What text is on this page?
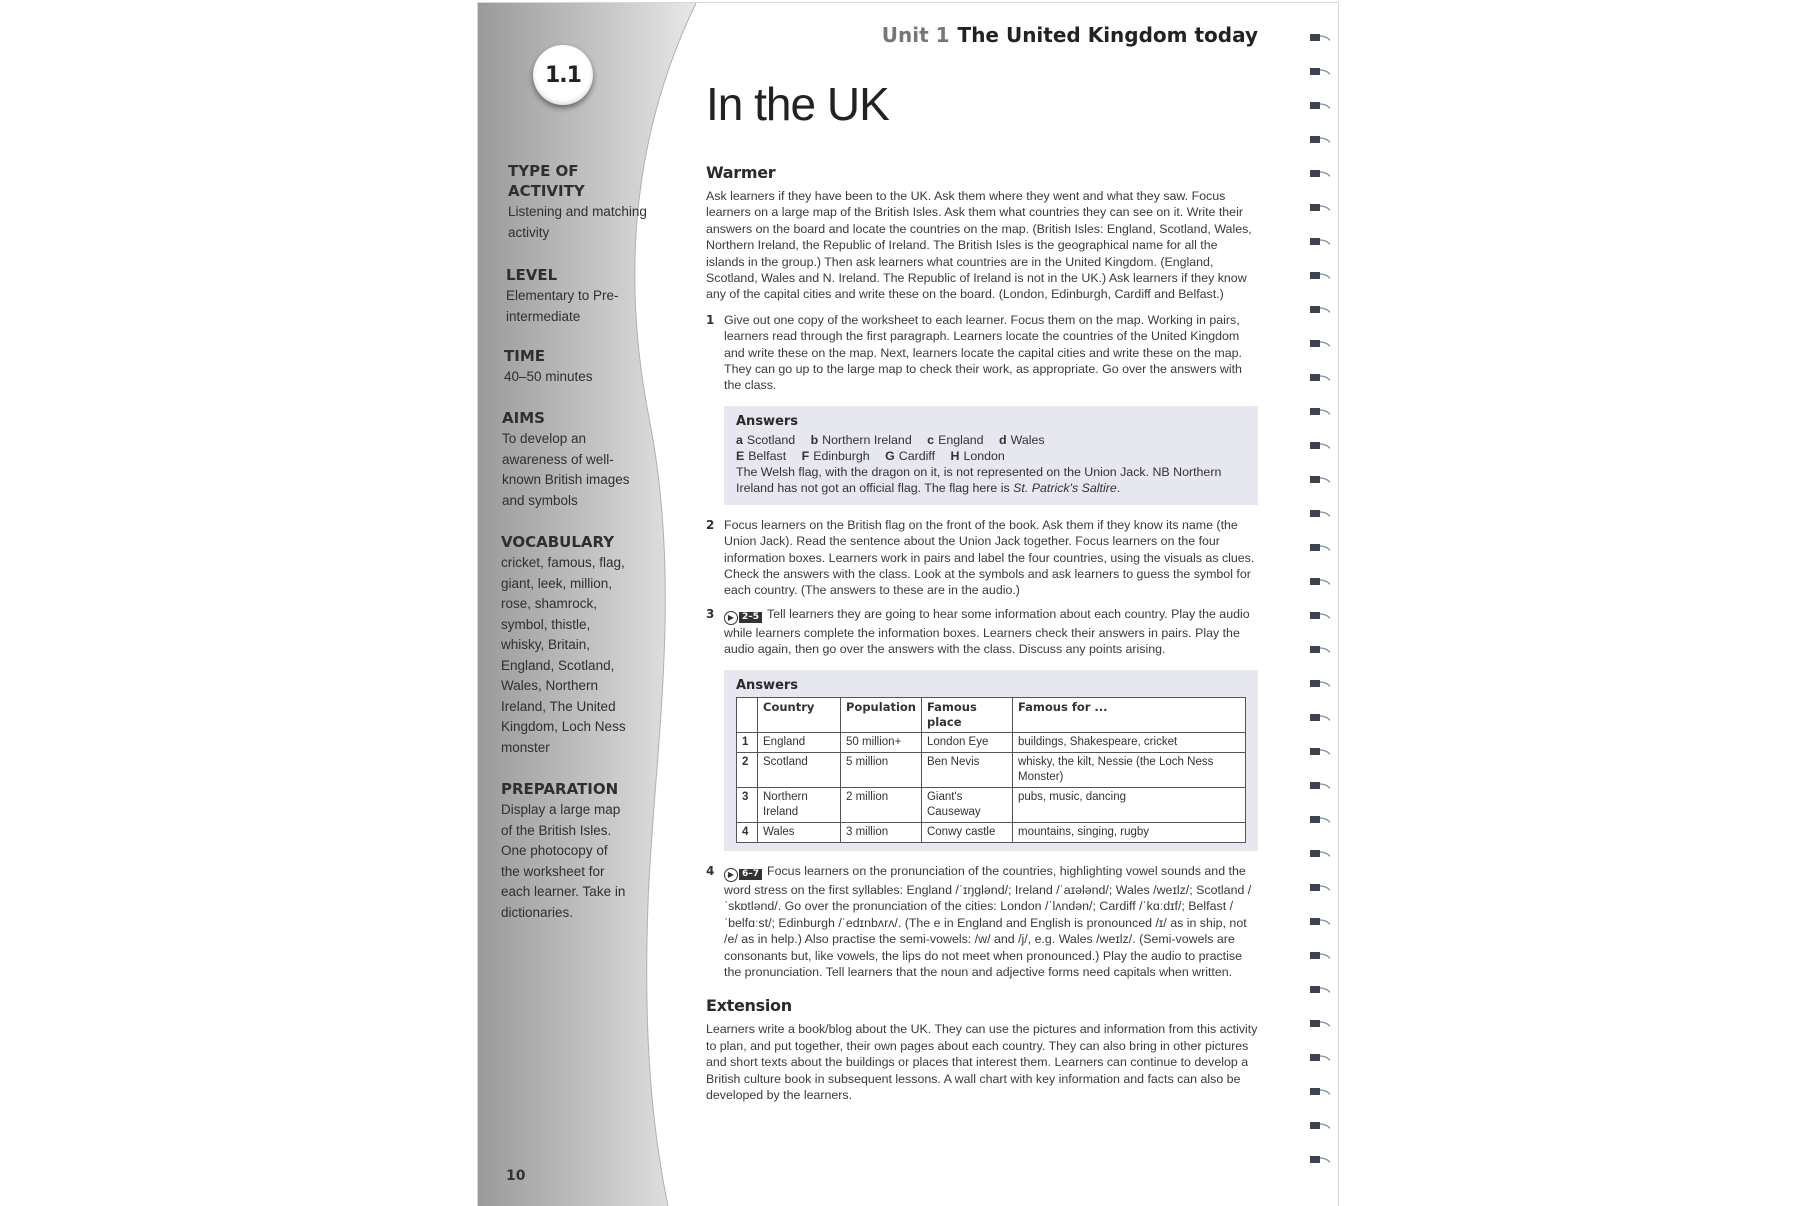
1.1
TYPE OF ACTIVITY
Listening and matching activity
LEVEL
Elementary to Pre-intermediate
TIME
40–50 minutes
AIMS
To develop an awareness of well-known British images and symbols
VOCABULARY
cricket, famous, flag, giant, leek, million, rose, shamrock, symbol, thistle, whisky, Britain, England, Scotland, Wales, Northern Ireland, The United Kingdom, Loch Ness monster
PREPARATION
Display a large map of the British Isles. One photocopy of the worksheet for each learner. Take in dictionaries.
10
Unit 1 The United Kingdom today
In the UK
Warmer

Ask learners if they have been to the UK. Ask them where they went and what they saw. Focus learners on a large map of the British Isles. Ask them what countries they can see on it. Write their answers on the board and locate the countries on the map. (British Isles: England, Scotland, Wales, Northern Ireland, the Republic of Ireland. The British Isles is the geographical name for all the islands in the group.) Then ask learners what countries are in the United Kingdom. (England, Scotland, Wales and N. Ireland. The Republic of Ireland is not in the UK.) Ask learners if they know any of the capital cities and write these on the board. (London, Edinburgh, Cardiff and Belfast.)

1 Give out one copy of the worksheet to each learner. Focus them on the map. Working in pairs, learners read through the first paragraph. Learners locate the countries of the United Kingdom and write these on the map. Next, learners locate the capital cities and write these on the map. They can go up to the large map to check their work, as appropriate. Go over the answers with the class.

Answers
a Scotland b Northern Ireland c England d Wales
E Belfast F Edinburgh G Cardiff H London
The Welsh flag, with the dragon on it, is not represented on the Union Jack. NB Northern Ireland has not got an official flag. The flag here is St. Patrick's Saltire.
2 Focus learners on the British flag on the front of the book. Ask them if they know its name (the Union Jack). Read the sentence about the Union Jack together. Focus learners on the four information boxes. Learners work in pairs and label the four countries, using the visuals as clues. Check the answers with the class. Look at the symbols and ask learners to guess the symbol for each country. (The answers to these are in the audio.)

3	▶ 2–5 Tell learners they are going to hear some information about each country. Play the audio while learners complete the information boxes. Learners check their answers in pairs. Play the audio again, then go over the answers with the class. Discuss any points arising.

Answers
	Country	Population	Famous place	Famous for ...
1	England	50 million+	London Eye	buildings, Shakespeare, cricket
2	Scotland	5 million	Ben Nevis	whisky, the kilt, Nessie (the Loch Ness Monster)
3	Northern Ireland	2 million	Giant's Causeway	pubs, music, dancing
4	Wales	3 million	Conwy castle	mountains, singing, rugby
4	▶ 6–7 Focus learners on the pronunciation of the countries, highlighting vowel sounds and the word stress on the first syllables: England /ˈɪŋɡlənd/; Ireland /ˈaɪələnd/; Wales /weɪlz/; Scotland /ˈskɒtlənd/. Go over the pronunciation of the cities: London /ˈlʌndən/; Cardiff /ˈkɑːdɪf/; Belfast /ˈbelfɑːst/; Edinburgh /ˈedɪnbʌrʌ/. (The e in England and English is pronounced /ɪ/ as in ship, not /e/ as in help.) Also practise the semi-vowels: /w/ and /j/, e.g. Wales /weɪlz/. (Semi-vowels are consonants but, like vowels, the lips do not meet when pronounced.) Play the audio to practise the pronunciation. Tell learners that the noun and adjective forms need capitals when written.

Extension

Learners write a book/blog about the UK. They can use the pictures and information from this activity to plan, and put together, their own pages about each country. They can also bring in other pictures and short texts about the buildings or places that interest them. Learners can continue to develop a British culture book in subsequent lessons. A wall chart with key information and facts can also be developed by the learners.
